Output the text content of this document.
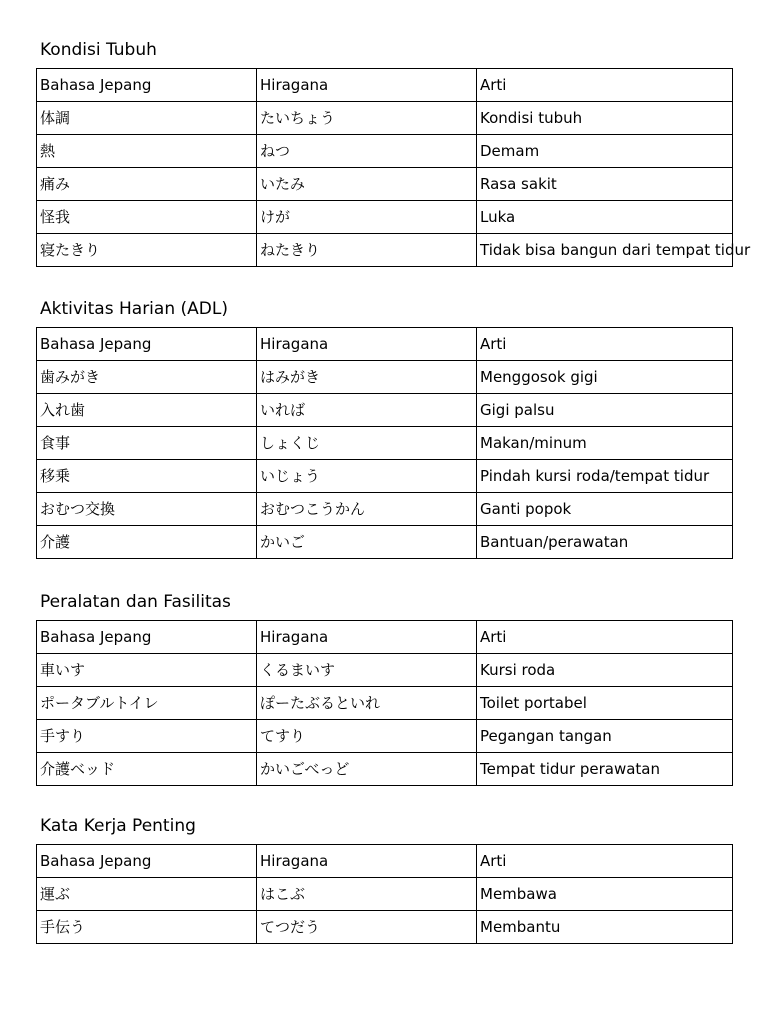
Kondisi Tubuh
Bahasa Jepang	Hiragana	Arti
体調	たいちょう	Kondisi tubuh
熱	ねつ	Demam
痛み	いたみ	Rasa sakit
怪我	けが	Luka
寝たきり	ねたきり	Tidak bisa bangun dari tempat tidur
Aktivitas Harian (ADL)
Bahasa Jepang	Hiragana	Arti
歯みがき	はみがき	Menggosok gigi
入れ歯	いれば	Gigi palsu
食事	しょくじ	Makan/minum
移乗	いじょう	Pindah kursi roda/tempat tidur
おむつ交換	おむつこうかん	Ganti popok
介護	かいご	Bantuan/perawatan
Peralatan dan Fasilitas
Bahasa Jepang	Hiragana	Arti
車いす	くるまいす	Kursi roda
ポータブルトイレ	ぽーたぶるといれ	Toilet portabel
手すり	てすり	Pegangan tangan
介護ベッド	かいごべっど	Tempat tidur perawatan
Kata Kerja Penting
Bahasa Jepang	Hiragana	Arti
運ぶ	はこぶ	Membawa
手伝う	てつだう	Membantu
